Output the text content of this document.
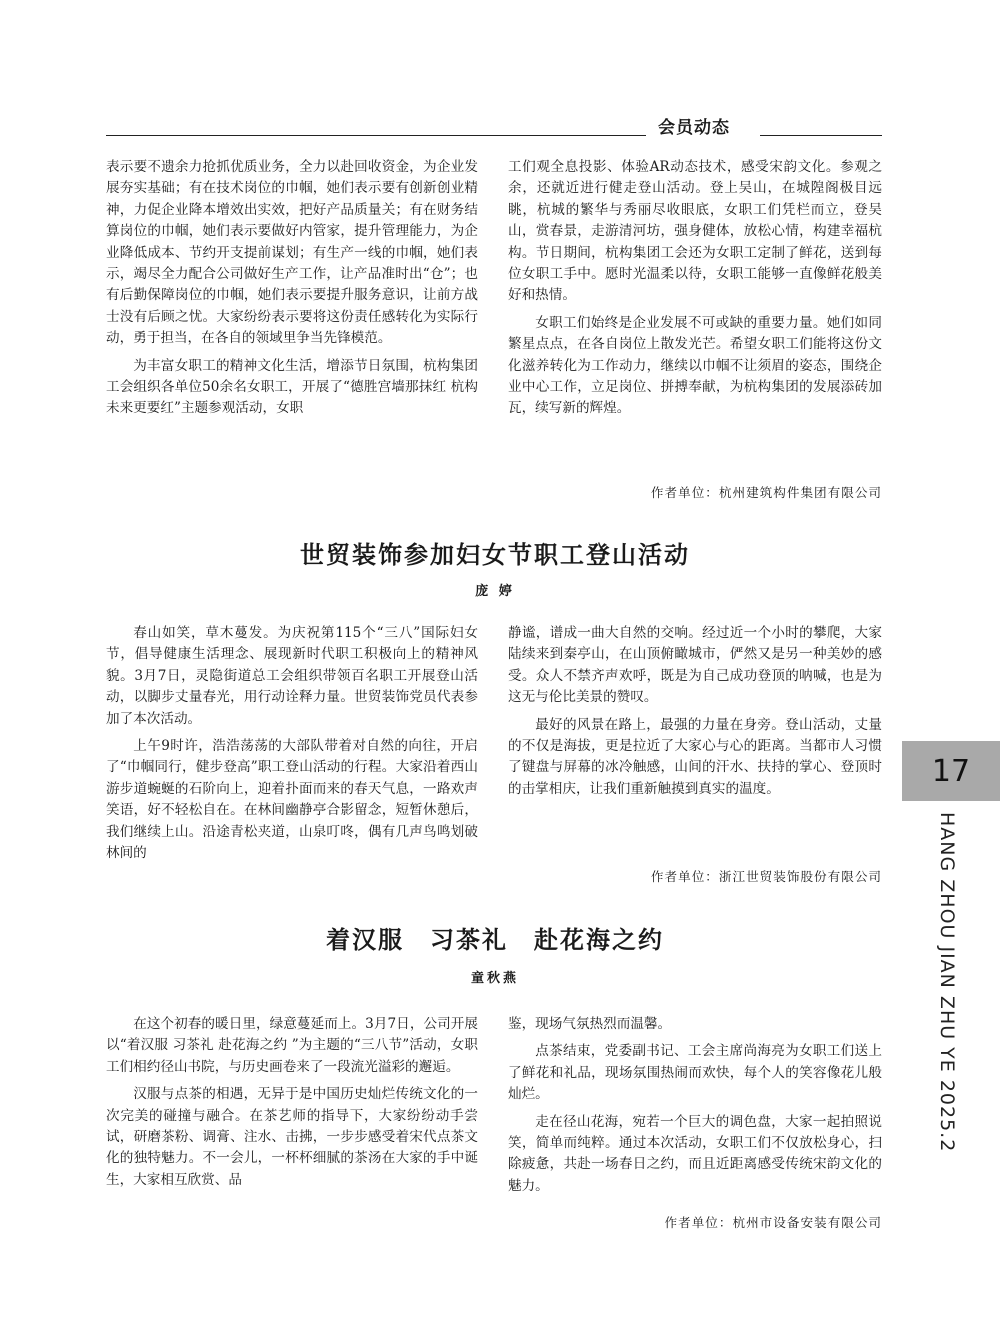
会员动态

表示要不遗余力抢抓优质业务，全力以赴回收资金，为企业发展夯实基础；有在技术岗位的巾帼，她们表示要有创新创业精神，力促企业降本增效出实效，把好产品质量关；有在财务结算岗位的巾帼，她们表示要做好内管家，提升管理能力，为企业降低成本、节约开支提前谋划；有生产一线的巾帼，她们表示，竭尽全力配合公司做好生产工作，让产品准时出“仓”；也有后勤保障岗位的巾帼，她们表示要提升服务意识，让前方战士没有后顾之忧。大家纷纷表示要将这份责任感转化为实际行动，勇于担当，在各自的领域里争当先锋模范。

为丰富女职工的精神文化生活，增添节日氛围，杭构集团工会组织各单位50余名女职工，开展了“德胜宫墙那抹红 杭构未来更要红”主题参观活动，女职

工们观全息投影、体验AR动态技术，感受宋韵文化。参观之余，还就近进行健走登山活动。登上吴山，在城隍阁极目远眺，杭城的繁华与秀丽尽收眼底，女职工们凭栏而立，登吴山，赏春景，走游清河坊，强身健体，放松心情，构建幸福杭构。节日期间，杭构集团工会还为女职工定制了鲜花，送到每位女职工手中。愿时光温柔以待，女职工能够一直像鲜花般美好和热情。

女职工们始终是企业发展不可或缺的重要力量。她们如同繁星点点，在各自岗位上散发光芒。希望女职工们能将这份文化滋养转化为工作动力，继续以巾帼不让须眉的姿态，围绕企业中心工作，立足岗位、拼搏奉献，为杭构集团的发展添砖加瓦，续写新的辉煌。

作者单位：杭州建筑构件集团有限公司
世贸装饰参加妇女节职工登山活动
庞 婷

春山如笑，草木蔓发。为庆祝第115个“三八”国际妇女节，倡导健康生活理念、展现新时代职工积极向上的精神风貌。3月7日，灵隐街道总工会组织带领百名职工开展登山活动，以脚步丈量春光，用行动诠释力量。世贸装饰党员代表参加了本次活动。

上午9时许，浩浩荡荡的大部队带着对自然的向往，开启了“巾帼同行，健步登高”职工登山活动的行程。大家沿着西山游步道蜿蜒的石阶向上，迎着扑面而来的春天气息，一路欢声笑语，好不轻松自在。在林间幽静亭合影留念，短暂休憩后，我们继续上山。沿途青松夹道，山泉叮咚，偶有几声鸟鸣划破林间的

静谧，谱成一曲大自然的交响。经过近一个小时的攀爬，大家陆续来到秦亭山，在山顶俯瞰城市，俨然又是另一种美妙的感受。众人不禁齐声欢呼，既是为自己成功登顶的呐喊，也是为这无与伦比美景的赞叹。

最好的风景在路上，最强的力量在身旁。登山活动，丈量的不仅是海拔，更是拉近了大家心与心的距离。当都市人习惯了键盘与屏幕的冰冷触感，山间的汗水、扶持的掌心、登顶时的击掌相庆，让我们重新触摸到真实的温度。

作者单位：浙江世贸装饰股份有限公司
着汉服　习茶礼　赴花海之约
童秋燕

在这个初春的暖日里，绿意蔓延而上。3月7日，公司开展以“着汉服 习茶礼 赴花海之约 ”为主题的“三八节”活动，女职工们相约径山书院，与历史画卷来了一段流光溢彩的邂逅。

汉服与点茶的相遇，无异于是中国历史灿烂传统文化的一次完美的碰撞与融合。在茶艺师的指导下，大家纷纷动手尝试，研磨茶粉、调膏、注水、击拂，一步步感受着宋代点茶文化的独特魅力。不一会儿，一杯杯细腻的茶汤在大家的手中诞生，大家相互欣赏、品

鉴，现场气氛热烈而温馨。

点茶结束，党委副书记、工会主席尚海亮为女职工们送上了鲜花和礼品，现场氛围热闹而欢快，每个人的笑容像花儿般灿烂。

走在径山花海，宛若一个巨大的调色盘，大家一起拍照说笑，简单而纯粹。通过本次活动，女职工们不仅放松身心，扫除疲惫，共赴一场春日之约，而且近距离感受传统宋韵文化的魅力。

作者单位：杭州市设备安装有限公司
17
HANG ZHOU JIAN ZHU YE 2025.2
